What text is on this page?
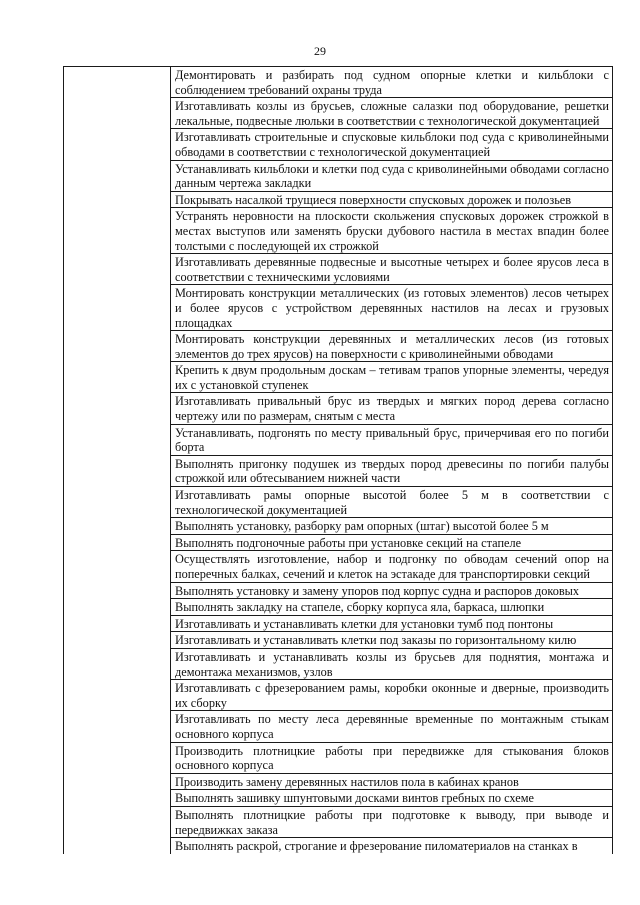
29
	Демонтировать и разбирать под судном опорные клетки и кильблоки с соблюдением требований охраны труда
	Изготавливать козлы из брусьев, сложные салазки под оборудование, решетки лекальные, подвесные люльки в соответствии с технологической документацией
	Изготавливать строительные и спусковые кильблоки под суда с криволинейными обводами в соответствии с технологической документацией
	Устанавливать кильблоки и клетки под суда с криволинейными обводами согласно данным чертежа закладки
	Покрывать насалкой трущиеся поверхности спусковых дорожек и полозьев
	Устранять неровности на плоскости скольжения спусковых дорожек строжкой в местах выступов или заменять бруски дубового настила в местах впадин более толстыми с последующей их строжкой
	Изготавливать деревянные подвесные и высотные четырех и более ярусов леса в соответствии с техническими условиями
	Монтировать конструкции металлических (из готовых элементов) лесов четырех и более ярусов с устройством деревянных настилов на лесах и грузовых площадках
	Монтировать конструкции деревянных и металлических лесов (из готовых элементов до трех ярусов) на поверхности с криволинейными обводами
	Крепить к двум продольным доскам – тетивам трапов упорные элементы, чередуя их с установкой ступенек
	Изготавливать привальный брус из твердых и мягких пород дерева согласно чертежу или по размерам, снятым с места
	Устанавливать, подгонять по месту привальный брус, причерчивая его по погиби борта
	Выполнять пригонку подушек из твердых пород древесины по погиби палубы строжкой или обтесыванием нижней части
	Изготавливать рамы опорные высотой более 5 м в соответствии с технологической документацией
	Выполнять установку, разборку рам опорных (штаг) высотой более 5 м
	Выполнять подгоночные работы при установке секций на стапеле
	Осуществлять изготовление, набор и подгонку по обводам сечений опор на поперечных балках, сечений и клеток на эстакаде для транспортировки секций
	Выполнять установку и замену упоров под корпус судна и распоров доковых
	Выполнять закладку на стапеле, сборку корпуса яла, баркаса, шлюпки
	Изготавливать и устанавливать клетки для установки тумб под понтоны
	Изготавливать и устанавливать клетки под заказы по горизонтальному килю
	Изготавливать и устанавливать козлы из брусьев для поднятия, монтажа и демонтажа механизмов, узлов
	Изготавливать с фрезерованием рамы, коробки оконные и дверные, производить их сборку
	Изготавливать по месту леса деревянные временные по монтажным стыкам основного корпуса
	Производить плотницкие работы при передвижке для стыкования блоков основного корпуса
	Производить замену деревянных настилов пола в кабинах кранов
	Выполнять зашивку шпунтовыми досками винтов гребных по схеме
	Выполнять плотницкие работы при подготовке к выводу, при выводе и передвижках заказа
	Выполнять раскрой, строгание и фрезерование пиломатериалов на станках в
